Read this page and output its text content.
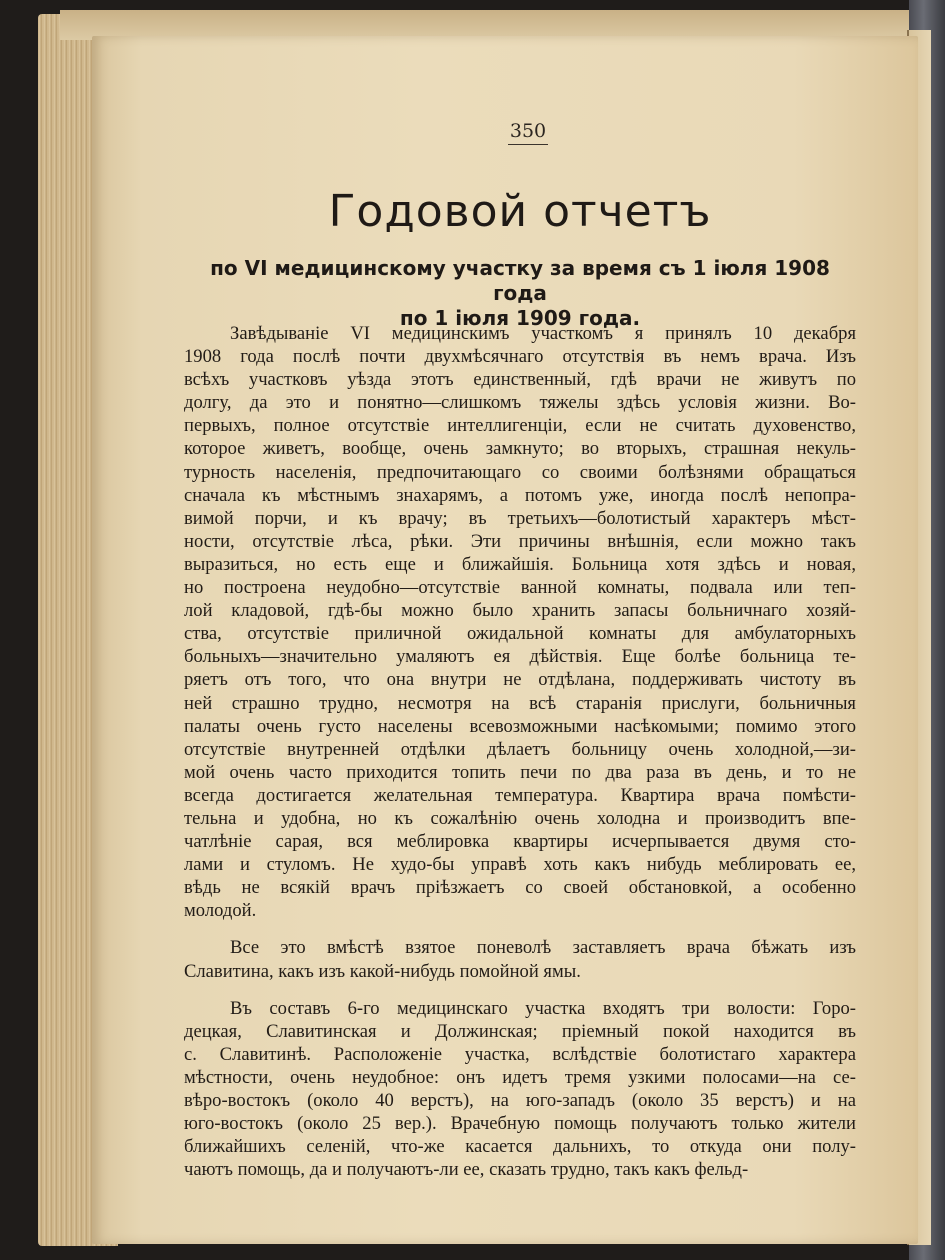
350
Годовой отчетъ
по VI медицинскому участку за время съ 1 іюля 1908 года
по 1 іюля 1909 года.
Завѣдываніе VI медицинскимъ участкомъ я принялъ 10 декабря
1908 года послѣ почти двухмѣсячнаго отсутствія въ немъ врача. Изъ
всѣхъ участковъ уѣзда этотъ единственный, гдѣ врачи не живутъ по
долгу, да это и понятно—слишкомъ тяжелы здѣсь условія жизни. Во-
первыхъ, полное отсутствіе интеллигенціи, если не считать духовенство,
которое живетъ, вообще, очень замкнуто; во вторыхъ, страшная некуль-
турность населенія, предпочитающаго со своими болѣзнями обращаться
сначала къ мѣстнымъ знахарямъ, а потомъ уже, иногда послѣ непопра-
вимой порчи, и къ врачу; въ третьихъ—болотистый характеръ мѣст-
ности, отсутствіе лѣса, рѣки. Эти причины внѣшнія, если можно такъ
выразиться, но есть еще и ближайшія. Больница хотя здѣсь и новая,
но построена неудобно—отсутствіе ванной комнаты, подвала или теп-
лой кладовой, гдѣ-бы можно было хранить запасы больничнаго хозяй-
ства, отсутствіе приличной ожидальной комнаты для амбулаторныхъ
больныхъ—значительно умаляютъ ея дѣйствія. Еще болѣе больница те-
ряетъ отъ того, что она внутри не отдѣлана, поддерживать чистоту въ
ней страшно трудно, несмотря на всѣ старанія прислуги, больничныя
палаты очень густо населены всевозможными насѣкомыми; помимо этого
отсутствіе внутренней отдѣлки дѣлаетъ больницу очень холодной,—зи-
мой очень часто приходится топить печи по два раза въ день, и то не
всегда достигается желательная температура. Квартира врача помѣсти-
тельна и удобна, но къ сожалѣнію очень холодна и производитъ впе-
чатлѣніе сарая, вся меблировка квартиры исчерпывается двумя сто-
лами и стуломъ. Не худо-бы управѣ хоть какъ нибудь меблировать ее,
вѣдь не всякій врачъ пріѣзжаетъ со своей обстановкой, а особенно
молодой.
Все это вмѣстѣ взятое поневолѣ заставляетъ врача бѣжать изъ
Славитина, какъ изъ какой-нибудь помойной ямы.
Въ составъ 6-го медицинскаго участка входятъ три волости: Горо-
децкая, Славитинская и Должинская; пріемный покой находится въ
с. Славитинѣ. Расположеніе участка, вслѣдствіе болотистаго характера
мѣстности, очень неудобное: онъ идетъ тремя узкими полосами—на се-
вѣро-востокъ (около 40 верстъ), на юго-западъ (около 35 верстъ) и на
юго-востокъ (около 25 вер.). Врачебную помощь получаютъ только жители
ближайшихъ селеній, что-же касается дальнихъ, то откуда они полу-
чаютъ помощь, да и получаютъ-ли ее, сказать трудно, такъ какъ фельд-
